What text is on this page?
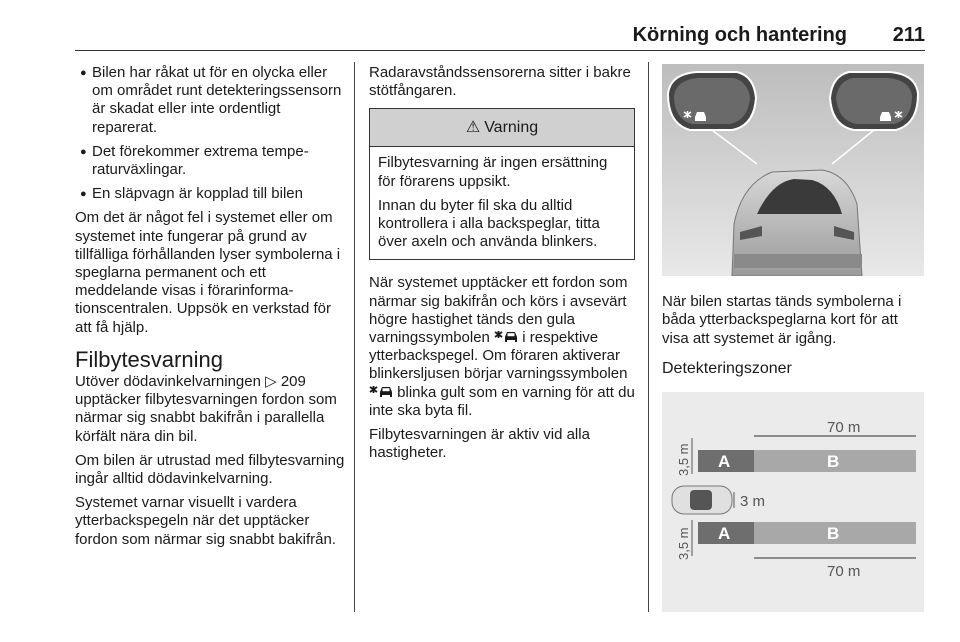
Körning och hantering 211
● Bilen har råkat ut för en olycka eller om området runt detekteringssensorn är skadat eller inte ordentligt reparerat.
● Det förekommer extrema temperaturväxlingar.
● En släpvagn är kopplad till bilen

Om det är något fel i systemet eller om systemet inte fungerar på grund av tillfälliga förhållanden lyser symbolerna i speglarna permanent och ett meddelande visas i förarinformationscentralen. Uppsök en verkstad för att få hjälp.

Filbytesvarning

Utöver dödavinkelvarningen ▷ 209 upptäcker filbytesvarningen fordon som närmar sig snabbt bakifrån i parallella körfält nära din bil.

Om bilen är utrustad med filbytesvarning ingår alltid dödavinkelvarning.

Systemet varnar visuellt i vardera ytterbackspegeln när det upptäcker fordon som närmar sig snabbt bakifrån.

Radaravståndssensorerna sitter i bakre stötfångaren.

⚠ Varning

Filbytesvarning är ingen ersättning för förarens uppsikt.

Innan du byter fil ska du alltid kontrollera i alla backspeglar, titta över axeln och använda blinkers.

När systemet upptäcker ett fordon som närmar sig bakifrån och körs i avsevärt högre hastighet tänds den gula varningssymbolen i respektive ytterbackspegel. Om föraren aktiverar blinkersljusen börjar varningssymbolen  blinka gult som en varning för att du inte ska byta fil.

Filbytesvarningen är aktiv vid alla hastigheter.

När bilen startas tänds symbolerna i båda ytterbackspeglarna kort för att visa att systemet är igång.

Detekteringszoner
70 m
A	B
3,5 m
3 m
A	B
3,5 m
70 m
